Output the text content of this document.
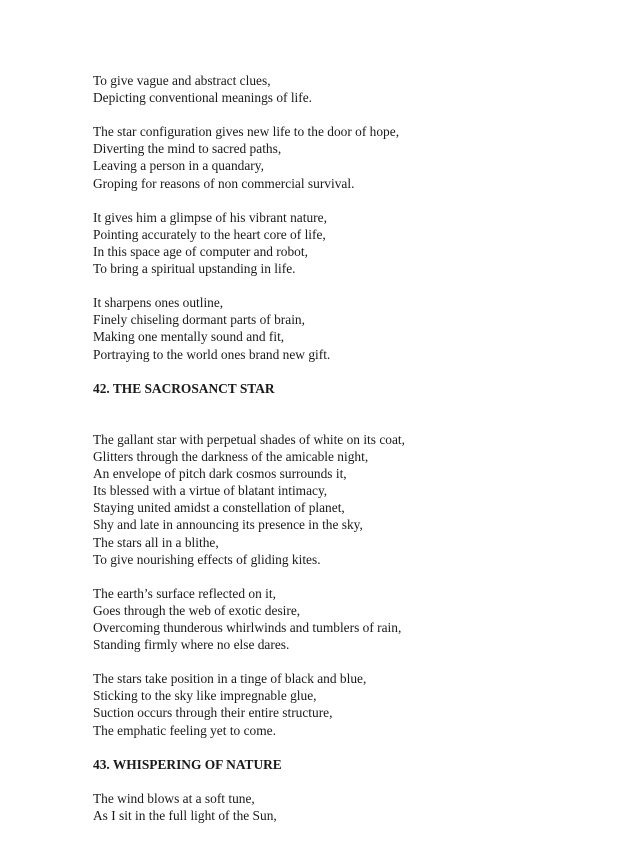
To give vague and abstract clues,
Depicting conventional meanings of life.
The star configuration gives new life to the door of hope,
Diverting the mind to sacred paths,
Leaving a person in a quandary,
Groping for reasons of non commercial survival.
It gives him a glimpse of his vibrant nature,
Pointing accurately to the heart core of life,
In this space age of computer and robot,
To bring a spiritual upstanding in life.
It sharpens ones outline,
Finely chiseling dormant parts of brain,
Making one mentally sound and fit,
Portraying to the world ones brand new gift.
42. THE SACROSANCT STAR
The gallant star with perpetual shades of white on its coat,
Glitters through the darkness of the amicable night,
An envelope of pitch dark cosmos surrounds it,
Its blessed with a virtue of blatant intimacy,
Staying united amidst a constellation of planet,
Shy and late in announcing its presence in the sky,
The stars all in a blithe,
To give nourishing effects of gliding kites.
The earth’s surface reflected on it,
Goes through the web of exotic desire,
Overcoming thunderous whirlwinds and tumblers of rain,
Standing firmly where no else dares.
The stars take position in a tinge of black and blue,
Sticking to the sky like impregnable glue,
Suction occurs through their entire structure,
The emphatic feeling yet to come.
43. WHISPERING OF NATURE
The wind blows at a soft tune,
As I sit in the full light of the Sun,
